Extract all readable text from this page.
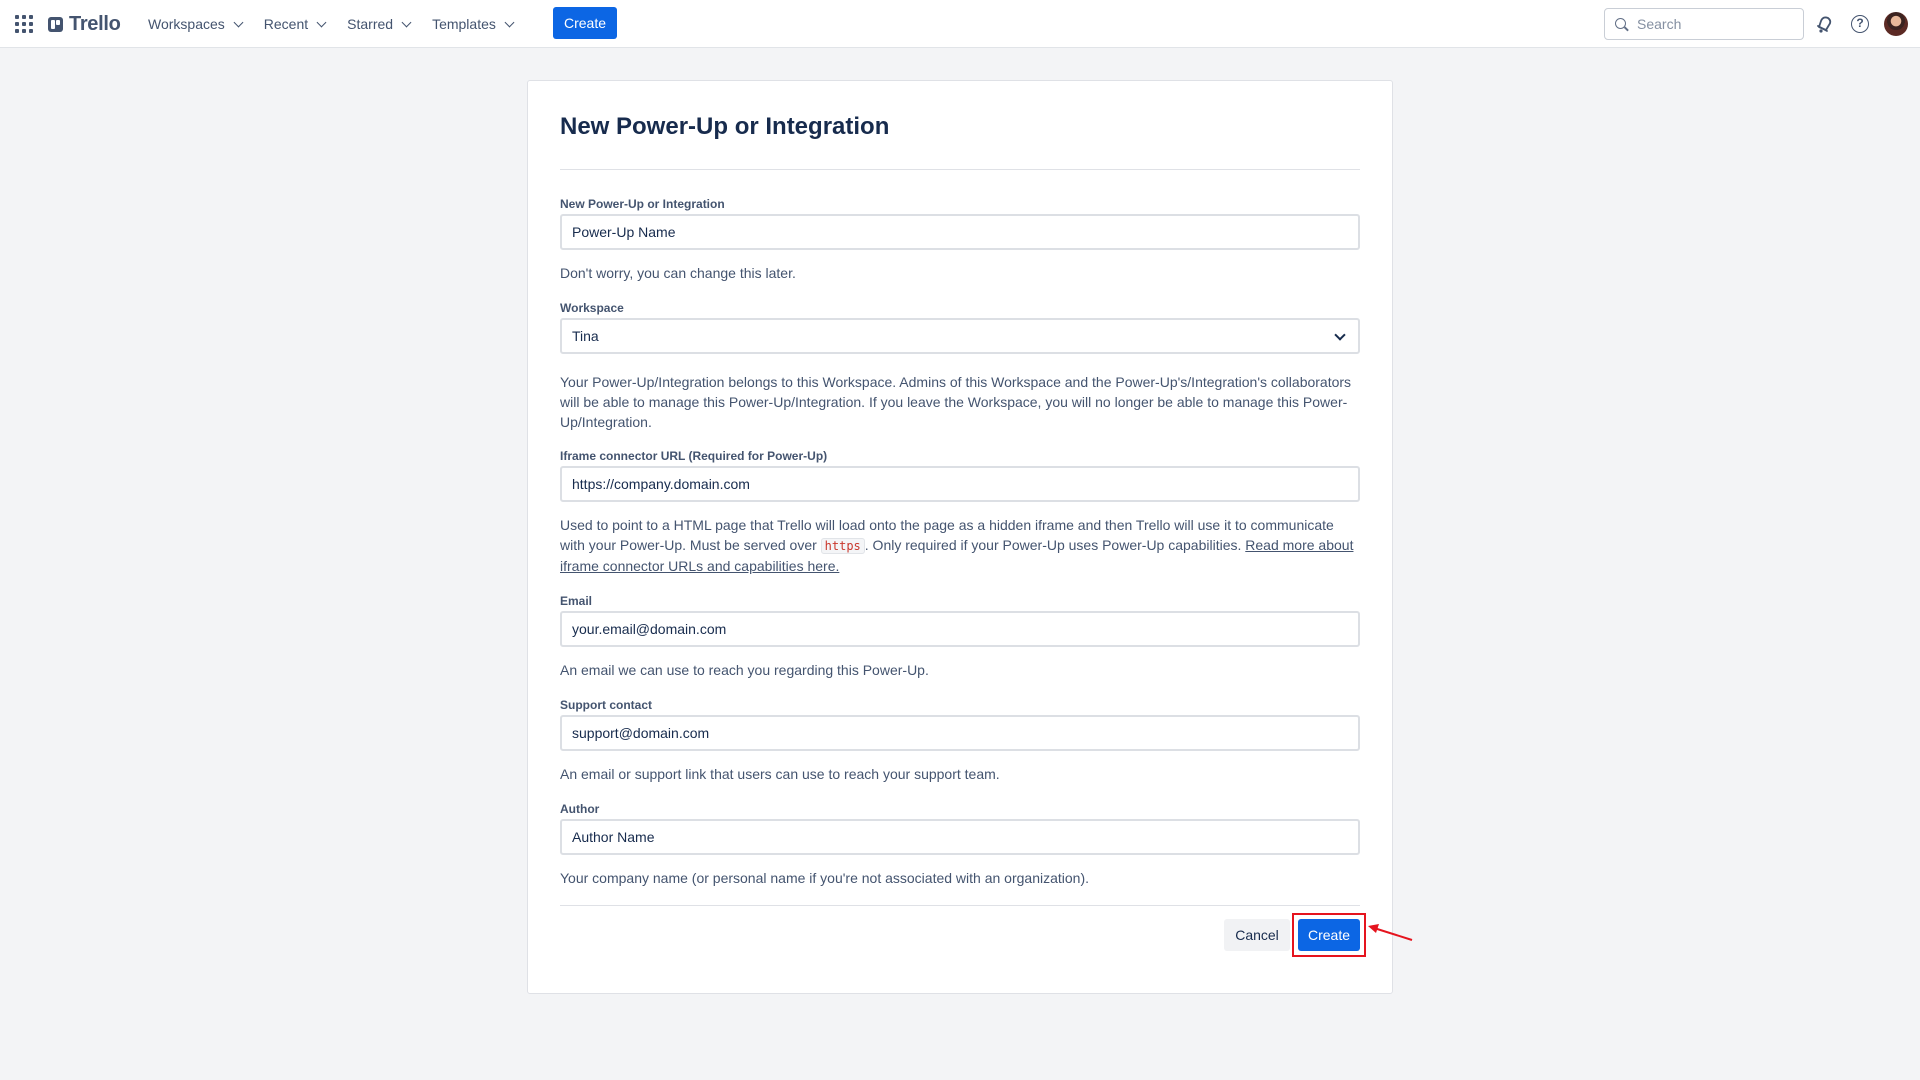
Trello Workspaces	Recent	Starred	Templates	Create
Search	?
New Power-Up or Integration
New Power-Up or Integration
Power-Up Name

Don't worry, you can change this later.

Workspace
Tina

Your Power-Up/Integration belongs to this Workspace. Admins of this Workspace and the Power-Up's/Integration's collaborators will be able to manage this Power-Up/Integration. If you leave the Workspace, you will no longer be able to manage this Power-Up/Integration.

Iframe connector URL (Required for Power-Up)
https://company.domain.com

Used to point to a HTML page that Trello will load onto the page as a hidden iframe and then Trello will use it to communicate with your Power-Up. Must be served over https . Only required if your Power-Up uses Power-Up capabilities. Read more about iframe connector URLs and capabilities here.

Email
your.email@domain.com

An email we can use to reach you regarding this Power-Up.

Support contact
support@domain.com

An email or support link that users can use to reach your support team.

Author
Author Name

Your company name (or personal name if you're not associated with an organization).

Cancel	Create
